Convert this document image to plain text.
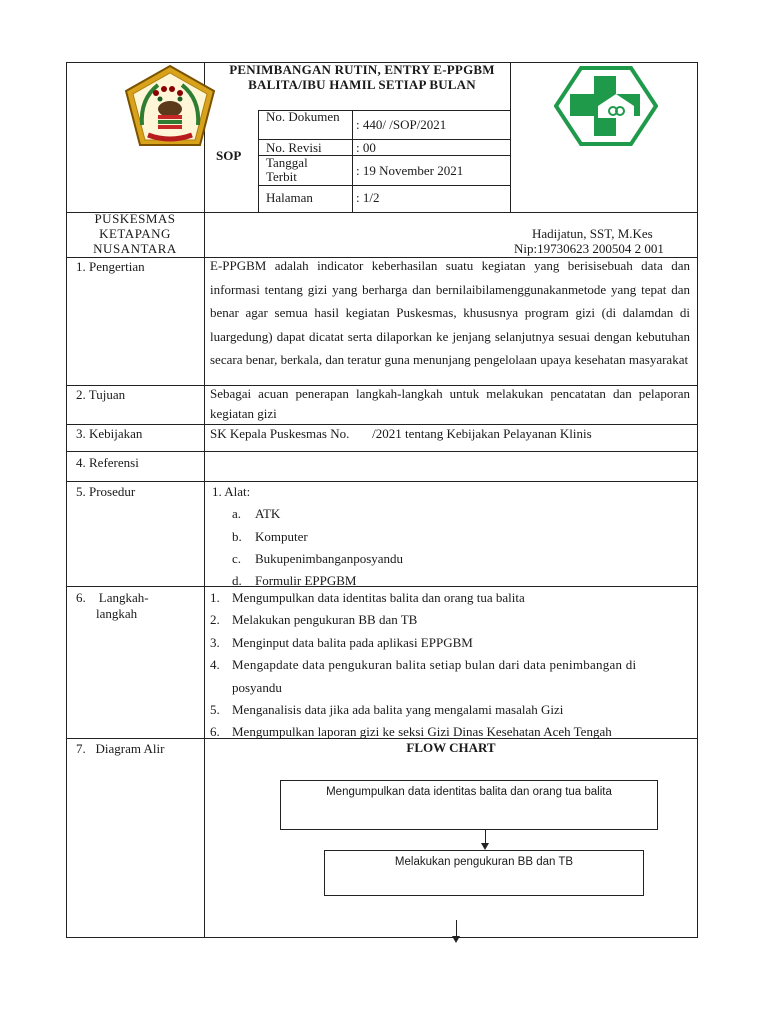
PENIMBANGAN RUTIN, ENTRY E-PPGBM BALITA/IBU HAMIL SETIAP BULAN
SOP
No. Dokumen
: 440/ /SOP/2021
No. Revisi	: 00
Tanggal Terbit	: 19 November 2021
Halaman	: 1/2
PUSKESMAS
KETAPANG
NUSANTARA
Hadijatun, SST, M.Kes
Nip:19730623 200504 2 001
1. Pengertian	E-PPGBM adalah indicator keberhasilan suatu kegiatan yang berisisebuah data dan informasi tentang gizi yang berharga dan bernilaibilamenggunakanmetode yang tepat dan benar agar semua hasil kegiatan Puskesmas, khususnya program gizi (di dalamdan di luargedung) dapat dicatat serta dilaporkan ke jenjang selanjutnya sesuai dengan kebutuhan secara benar, berkala, dan teratur guna menunjang pengelolaan upaya kesehatan masyarakat
2. Tujuan	Sebagai acuan penerapan langkah-langkah untuk melakukan pencatatan dan pelaporan kegiatan gizi
3. Kebijakan	SK Kepala Puskesmas No.       /2021 tentang Kebijakan Pelayanan Klinis
4. Referensi
5. Prosedur	1. Alat:
a. ATK
b. Komputer
c. Bukupenimbanganposyandu
d. Formulir EPPGBM
6.    Langkah-
langkah
1. Mengumpulkan data identitas balita dan orang tua balita
2. Melakukan pengukuran BB dan TB
3. Menginput data balita pada aplikasi EPPGBM
4. Mengapdate data pengukuran balita setiap bulan dari data penimbangan di
posyandu
5. Menganalisis data jika ada balita yang mengalami masalah Gizi
6. Mengumpulkan laporan gizi ke seksi Gizi Dinas Kesehatan Aceh Tengah
7.   Diagram Alir	FLOW CHART
Mengumpulkan data identitas balita dan orang tua balita
Melakukan pengukuran BB dan TB
